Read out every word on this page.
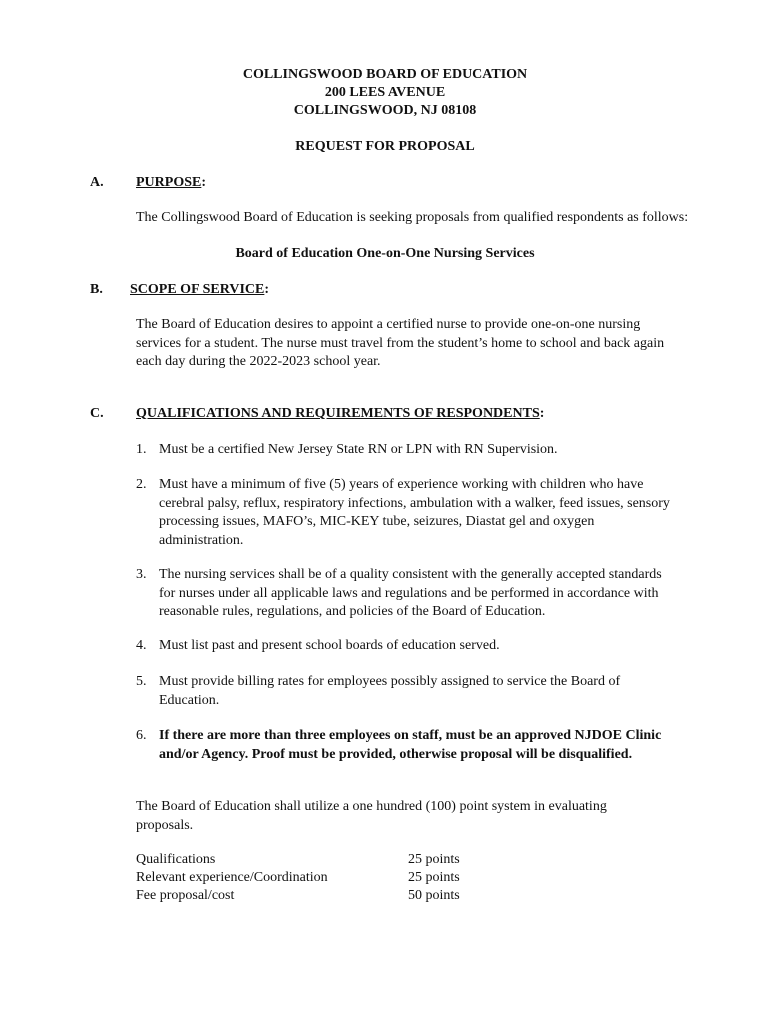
COLLINGSWOOD BOARD OF EDUCATION
200 LEES AVENUE
COLLINGSWOOD, NJ 08108
REQUEST FOR PROPOSAL
A. PURPOSE:
The Collingswood Board of Education is seeking proposals from qualified respondents as follows:
Board of Education One-on-One Nursing Services
B. SCOPE OF SERVICE:
The Board of Education desires to appoint a certified nurse to provide one-on-one nursing services for a student. The nurse must travel from the student’s home to school and back again each day during the 2022-2023 school year.
C. QUALIFICATIONS AND REQUIREMENTS OF RESPONDENTS:
1. Must be a certified New Jersey State RN or LPN with RN Supervision.
2. Must have a minimum of five (5) years of experience working with children who have cerebral palsy, reflux, respiratory infections, ambulation with a walker, feed issues, sensory processing issues, MAFO’s, MIC-KEY tube, seizures, Diastat gel and oxygen administration.
3. The nursing services shall be of a quality consistent with the generally accepted standards for nurses under all applicable laws and regulations and be performed in accordance with reasonable rules, regulations, and policies of the Board of Education.
4. Must list past and present school boards of education served.
5. Must provide billing rates for employees possibly assigned to service the Board of Education.
6. If there are more than three employees on staff, must be an approved NJDOE Clinic and/or Agency. Proof must be provided, otherwise proposal will be disqualified.
The Board of Education shall utilize a one hundred (100) point system in evaluating proposals.
Qualifications	25 points
Relevant experience/Coordination	25 points
Fee proposal/cost	50 points
